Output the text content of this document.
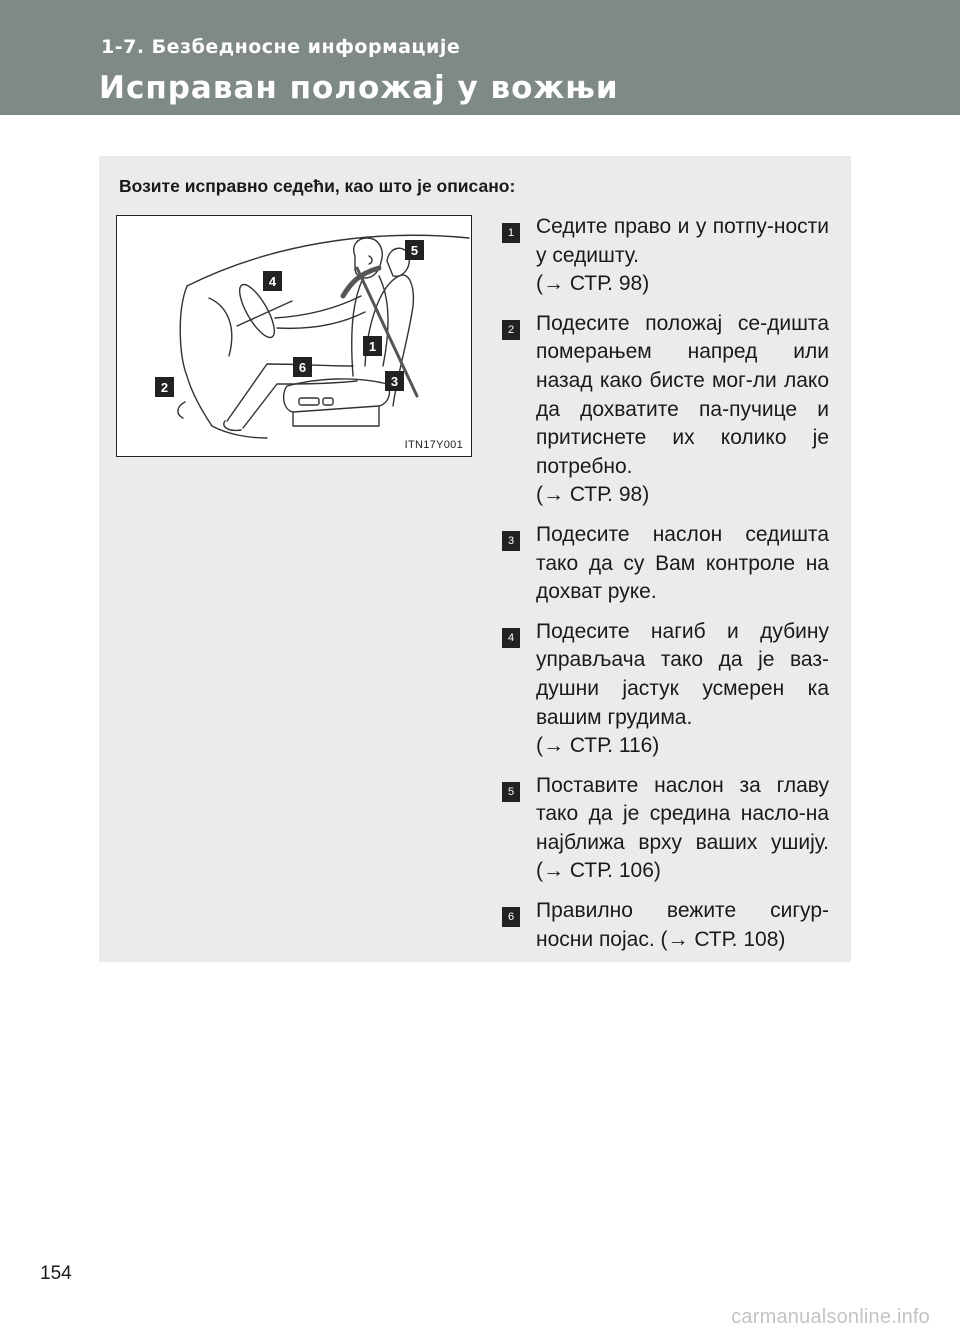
1-7. Безбедносне информације
Исправан положај у вожњи
Возите исправно седећи, као што је описано:
1
2	3
4
5
6
ITN17Y001
1 Седите право и у потпу-ности у седишту.
(→ СТР. 98)
2 Подесите положај се-дишта померањем напред или назад како бисте мог-ли лако да дохватите па-пучице и притиснете их колико је потребно.
(→ СТР. 98)
3 Подесите наслон седишта тако да су Вам контроле на дохват руке.
4 Подесите нагиб и дубину управљача тако да је ваз-душни јастук усмерен ка вашим грудима.
(→ СТР. 116)
5 Поставите наслон за главу тако да је средина насло-на најближа врху ваших ушију. (→ СТР. 106)
6 Правилно вежите сигур-носни појас. (→ СТР. 108)
154
carmanualsonline.info
